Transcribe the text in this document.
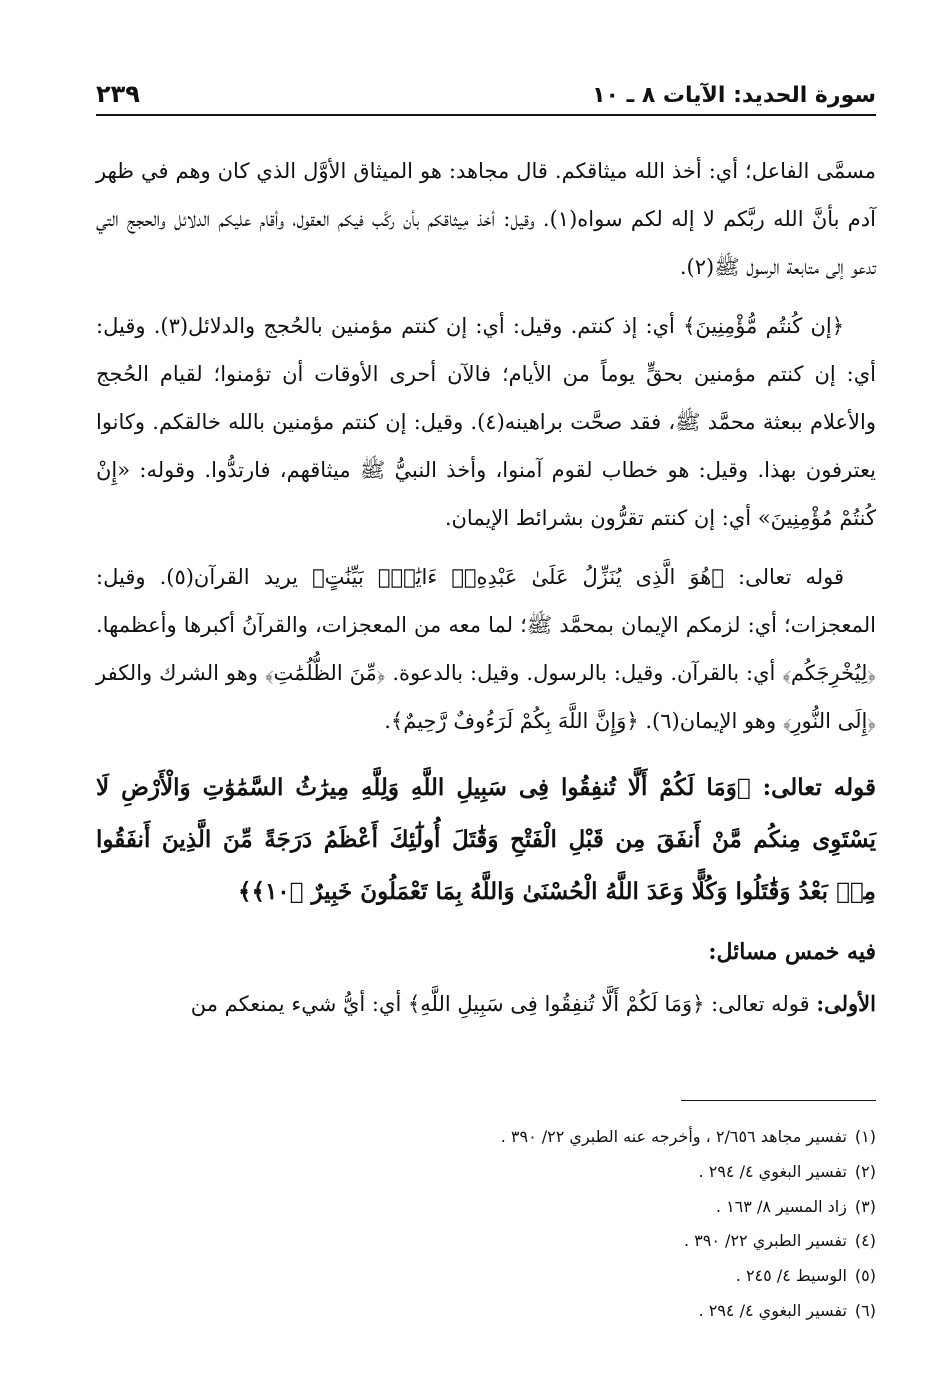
سورة الحديد: الآيات ٨ ـ ١٠
٢٣٩

مسمَّى الفاعل؛ أي: أخذ الله ميثاقكم. قال مجاهد: هو الميثاق الأوَّل الذي كان وهم في ظهر آدم بأنَّ الله ربَّكم لا إله لكم سواه(١). وقيل: أخذ مِيثاقكم بأن ركَّب فيكم العقول، وأقام عليكم الدلائل والحجج التي تدعو إلى متابعة الرسول ﷺ(٢).

﴿إن كُنتُم مُّؤْمِنِينَ﴾ أي: إذ كنتم. وقيل: أي: إن كنتم مؤمنين بالحُجج والدلائل(٣). وقيل: أي: إن كنتم مؤمنين بحقٍّ يوماً من الأيام؛ فالآن أحرى الأوقات أن تؤمنوا؛ لقيام الحُجج والأعلام ببعثة محمَّد ﷺ، فقد صحَّت براهينه(٤). وقيل: إن كنتم مؤمنين بالله خالقكم. وكانوا يعترفون بهذا. وقيل: هو خطاب لقوم آمنوا، وأخذ النبيُّ ﷺ ميثاقهم، فارتدُّوا. وقوله: «إِنْ كُنتُمْ مُؤْمِنِينَ» أي: إن كنتم تقرُّون بشرائط الإيمان.

قوله تعالى: ﴿هُوَ الَّذِى يُنَزِّلُ عَلَىٰ عَبْدِهِۦٓ ءَايَٰتٍۭ بَيِّنَٰتٍ﴾ يريد القرآن(٥). وقيل: المعجزات؛ أي: لزمكم الإيمان بمحمَّد ﷺ؛ لما معه من المعجزات، والقرآنُ أكبرها وأعظمها. ﴿لِيُخْرِجَكُم﴾ أي: بالقرآن. وقيل: بالرسول. وقيل: بالدعوة. ﴿مِّنَ الظُّلُمَٰتِ﴾ وهو الشرك والكفر ﴿إِلَى النُّورِ﴾ وهو الإيمان(٦). ﴿وَإِنَّ اللَّهَ بِكُمْ لَرَءُوفٌ رَّحِيمٌ﴾.

قوله تعالى: ﴿وَمَا لَكُمْ أَلَّا تُنفِقُوا فِى سَبِيلِ اللَّهِ وَلِلَّهِ مِيرَٰثُ السَّمَٰوَٰتِ وَالْأَرْضِ لَا يَسْتَوِى مِنكُم مَّنْ أَنفَقَ مِن قَبْلِ الْفَتْحِ وَقَٰتَلَ أُولَٰٓئِكَ أَعْظَمُ دَرَجَةً مِّنَ الَّذِينَ أَنفَقُوا مِنۢ بَعْدُ وَقَٰتَلُوا وَكُلًّا وَعَدَ اللَّهُ الْحُسْنَىٰ وَاللَّهُ بِمَا تَعْمَلُونَ خَبِيرٌ ﴿١٠﴾﴾
فيه خمس مسائل:
الأولى: قوله تعالى: ﴿وَمَا لَكُمْ أَلَّا تُنفِقُوا فِى سَبِيلِ اللَّهِ﴾ أي: أيُّ شيء يمنعكم من
(١)تفسير مجاهد ٢/٦٥٦ ، وأخرجه عنه الطبري ٢٢/ ٣٩٠ .
(٢)تفسير البغوي ٤/ ٢٩٤ .
(٣)زاد المسير ٨/ ١٦٣ .
(٤)تفسير الطبري ٢٢/ ٣٩٠ .
(٥)الوسيط ٤/ ٢٤٥ .
(٦)تفسير البغوي ٤/ ٢٩٤ .
